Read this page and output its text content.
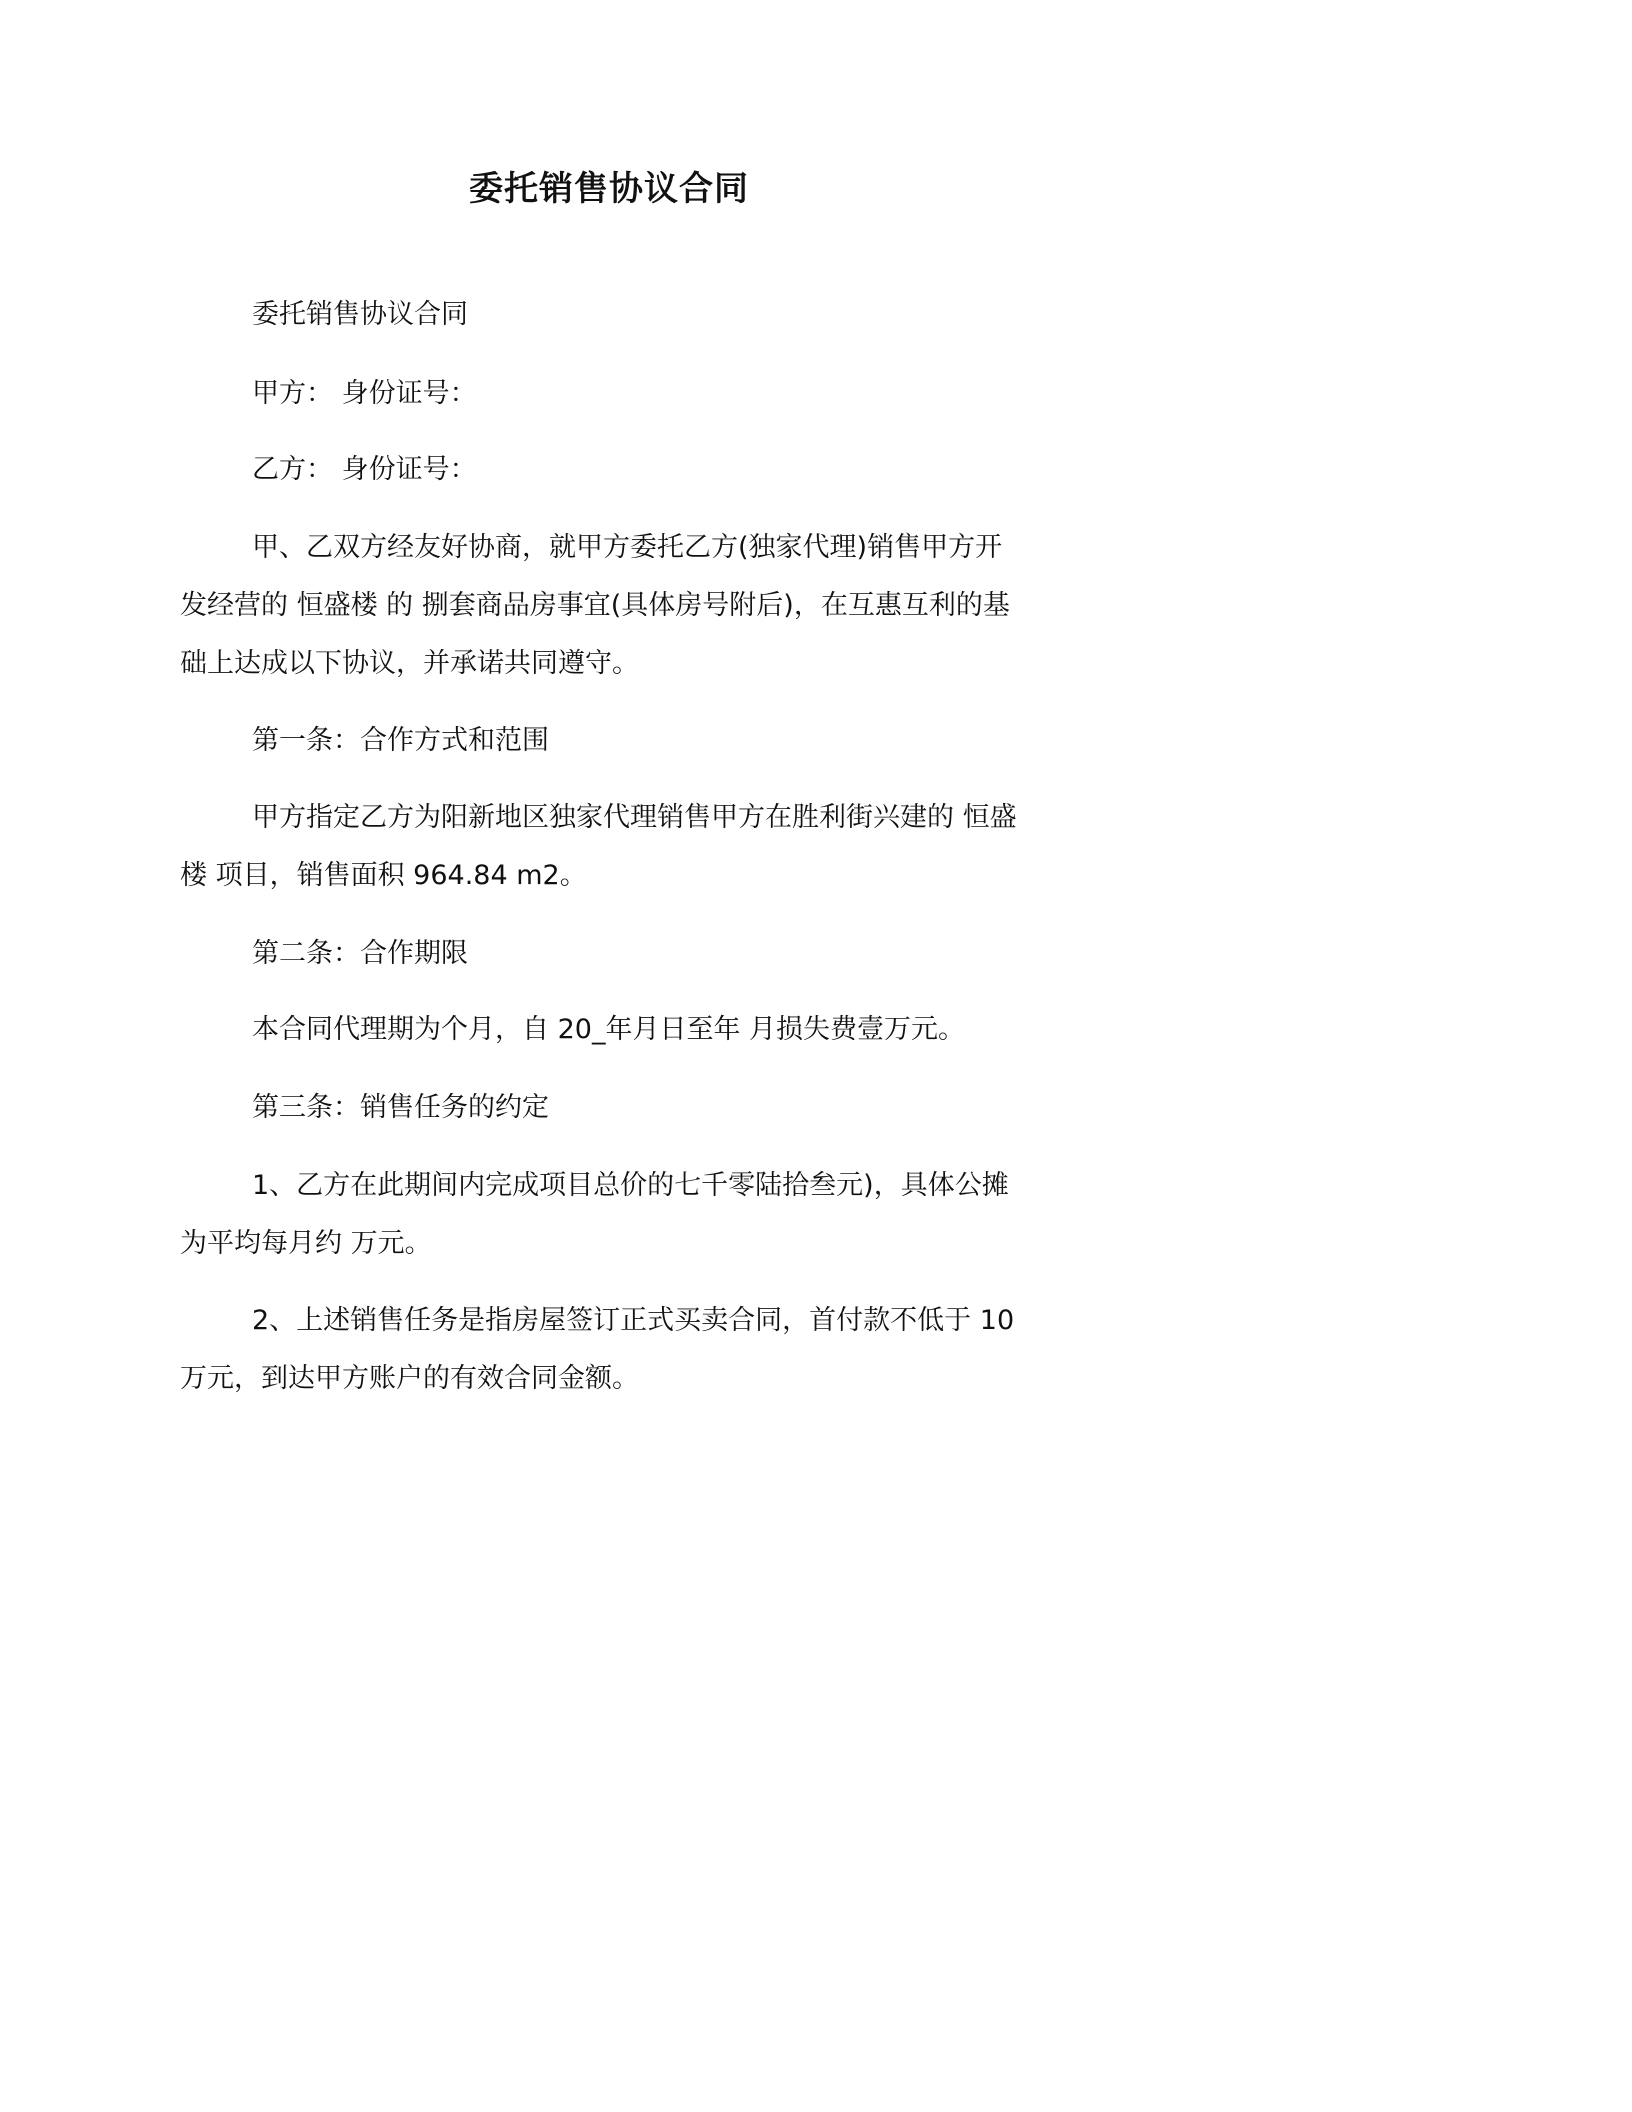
委托销售协议合同

委托销售协议合同

甲方： 身份证号：

乙方： 身份证号：

甲、乙双方经友好协商，就甲方委托乙方(独家代理)销售甲方开
发经营的 恒盛楼 的 捌套商品房事宜(具体房号附后)，在互惠互利的基
础上达成以下协议，并承诺共同遵守。

第一条：合作方式和范围

甲方指定乙方为阳新地区独家代理销售甲方在胜利街兴建的 恒盛
楼 项目，销售面积 964.84 m2。

第二条：合作期限

本合同代理期为个月，自 20_年月日至年 月损失费壹万元。

第三条：销售任务的约定

1、乙方在此期间内完成项目总价的七千零陆拾叁元)，具体公摊
为平均每月约 万元。

2、上述销售任务是指房屋签订正式买卖合同，首付款不低于 10
万元，到达甲方账户的有效合同金额。
